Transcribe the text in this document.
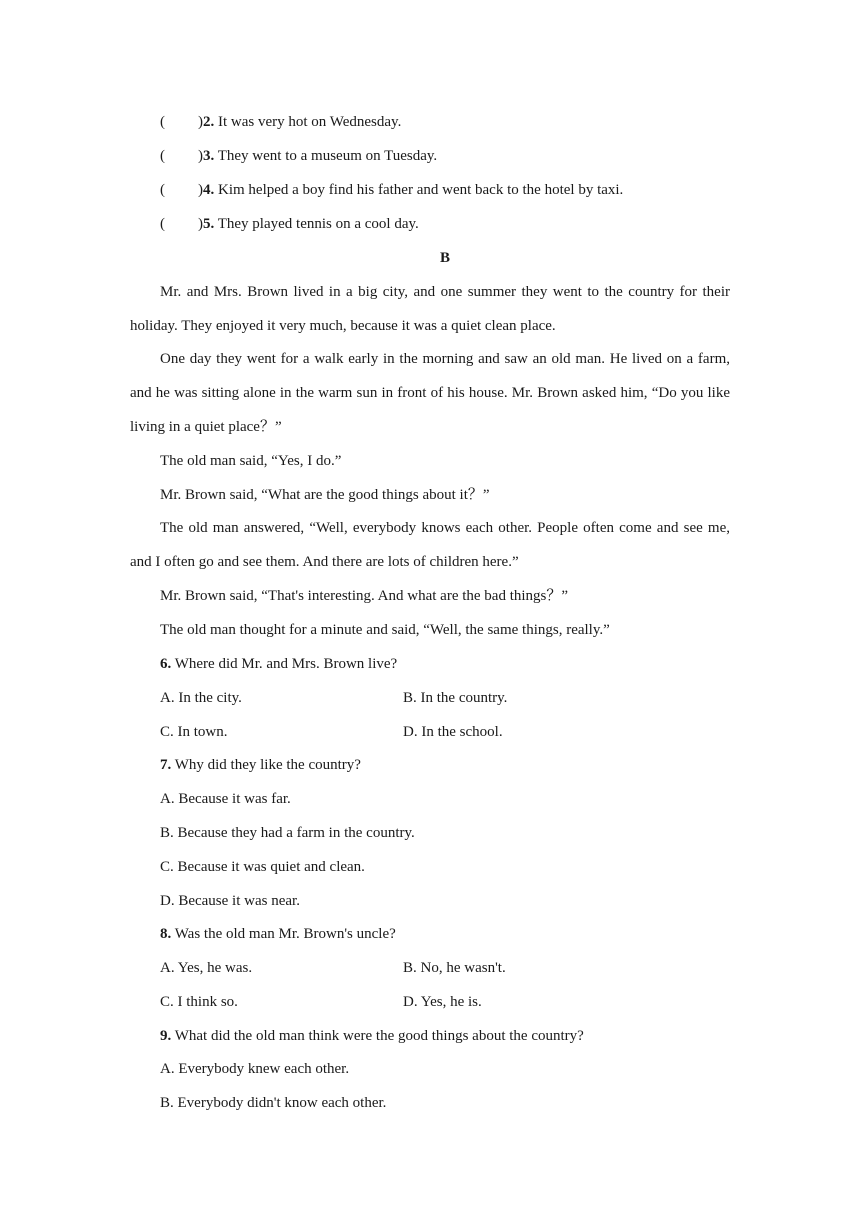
( )2. It was very hot on Wednesday.
( )3. They went to a museum on Tuesday.
( )4. Kim helped a boy find his father and went back to the hotel by taxi.
( )5. They played tennis on a cool day.
B
Mr. and Mrs. Brown lived in a big city, and one summer they went to the country for their
holiday. They enjoyed it very much, because it was a quiet clean place.
One day they went for a walk early in the morning and saw an old man. He lived on a farm,
and he was sitting alone in the warm sun in front of his house. Mr. Brown asked him, “Do you like
living in a quiet place？”
The old man said, “Yes, I do.”
Mr. Brown said, “What are the good things about it？”
The old man answered, “Well, everybody knows each other. People often come and see me,
and I often go and see them. And there are lots of children here.”
Mr. Brown said, “That's interesting. And what are the bad things？”
The old man thought for a minute and said, “Well, the same things, really.”
6. Where did Mr. and Mrs. Brown live?
A. In the city.	B. In the country.
C. In town.	D. In the school.
7. Why did they like the country?
A. Because it was far.
B. Because they had a farm in the country.
C. Because it was quiet and clean.
D. Because it was near.
8. Was the old man Mr. Brown's uncle?
A. Yes, he was.	B. No, he wasn't.
C. I think so.	D. Yes, he is.
9. What did the old man think were the good things about the country?
A. Everybody knew each other.
B. Everybody didn't know each other.
